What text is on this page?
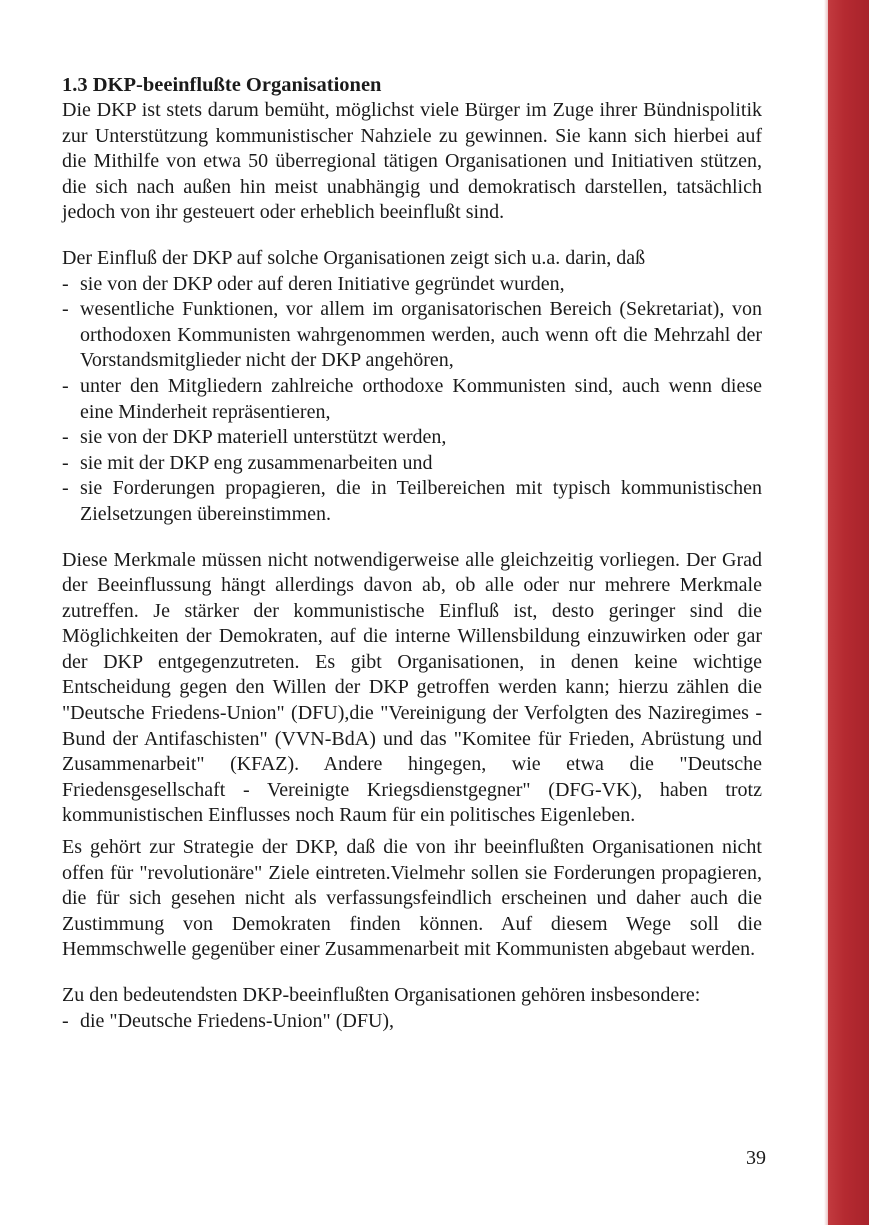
1.3 DKP-beeinflußte Organisationen

Die DKP ist stets darum bemüht, möglichst viele Bürger im Zuge ihrer Bündnispolitik zur Unterstützung kommunistischer Nahziele zu gewinnen. Sie kann sich hierbei auf die Mithilfe von etwa 50 überregional tätigen Organisationen und Initiativen stützen, die sich nach außen hin meist unabhängig und demokratisch darstellen, tatsächlich jedoch von ihr gesteuert oder erheblich beeinflußt sind.

Der Einfluß der DKP auf solche Organisationen zeigt sich u.a. darin, daß

- sie von der DKP oder auf deren Initiative gegründet wurden,
- wesentliche Funktionen, vor allem im organisatorischen Bereich (Sekretariat), von orthodoxen Kommunisten wahrgenommen werden, auch wenn oft die Mehrzahl der Vorstandsmitglieder nicht der DKP angehören,
- unter den Mitgliedern zahlreiche orthodoxe Kommunisten sind, auch wenn diese eine Minderheit repräsentieren,
- sie von der DKP materiell unterstützt werden,
- sie mit der DKP eng zusammenarbeiten und
- sie Forderungen propagieren, die in Teilbereichen mit typisch kommunistischen Zielsetzungen übereinstimmen.

Diese Merkmale müssen nicht notwendigerweise alle gleichzeitig vorliegen. Der Grad der Beeinflussung hängt allerdings davon ab, ob alle oder nur mehrere Merkmale zutreffen. Je stärker der kommunistische Einfluß ist, desto geringer sind die Möglichkeiten der Demokraten, auf die interne Willensbildung einzuwirken oder gar der DKP entgegenzutreten. Es gibt Organisationen, in denen keine wichtige Entscheidung gegen den Willen der DKP getroffen werden kann; hierzu zählen die "Deutsche Friedens-Union" (DFU),die "Vereinigung der Verfolgten des Naziregimes - Bund der Antifaschisten" (VVN-BdA) und das "Komitee für Frieden, Abrüstung und Zusammenarbeit" (KFAZ). Andere hingegen, wie etwa die "Deutsche Friedensgesellschaft - Vereinigte Kriegsdienstgegner" (DFG-VK), haben trotz kommunistischen Einflusses noch Raum für ein politisches Eigenleben.

Es gehört zur Strategie der DKP, daß die von ihr beeinflußten Organisationen nicht offen für "revolutionäre" Ziele eintreten.Vielmehr sollen sie Forderungen propagieren, die für sich gesehen nicht als verfassungsfeindlich erscheinen und daher auch die Zustimmung von Demokraten finden können. Auf diesem Wege soll die Hemmschwelle gegenüber einer Zusammenarbeit mit Kommunisten abgebaut werden.

Zu den bedeutendsten DKP-beeinflußten Organisationen gehören insbesondere:

- die "Deutsche Friedens-Union" (DFU),
39
